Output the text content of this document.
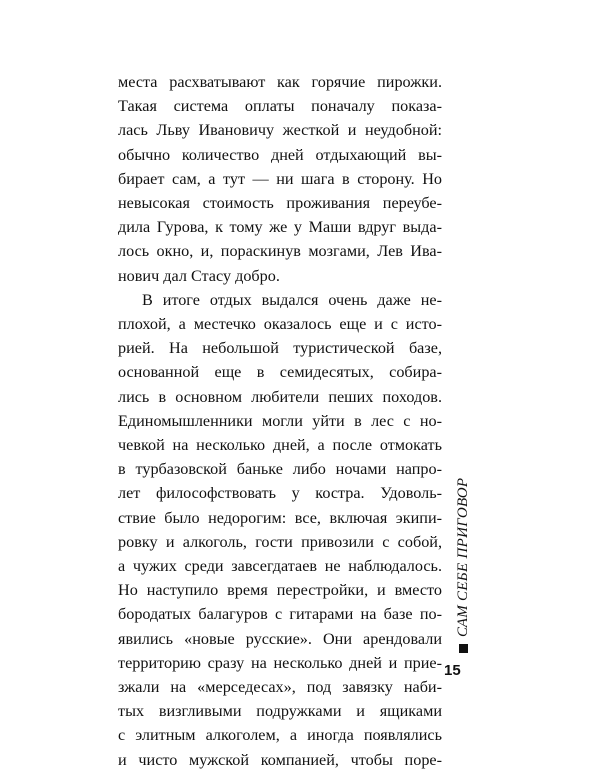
места расхватывают как горячие пирожки.
Такая система оплаты поначалу показа-
лась Льву Ивановичу жесткой и неудобной:
обычно количество дней отдыхающий вы-
бирает сам, а тут — ни шага в сторону. Но
невысокая стоимость проживания переубе-
дила Гурова, к тому же у Маши вдруг выда-
лось окно, и, пораскинув мозгами, Лев Ива-
нович дал Стасу добро.

В итоге отдых выдался очень даже не-
плохой, а местечко оказалось еще и с исто-
рией. На небольшой туристической базе,
основанной еще в семидесятых, собира-
лись в основном любители пеших походов.
Единомышленники могли уйти в лес с но-
чевкой на несколько дней, а после отмокать
в турбазовской баньке либо ночами напро-
лет философствовать у костра. Удоволь-
ствие было недорогим: все, включая экипи-
ровку и алкоголь, гости привозили с собой,
а чужих среди завсегдатаев не наблюдалось.
Но наступило время перестройки, и вместо
бородатых балагуров с гитарами на базе по-
явились «новые русские». Они арендовали
территорию сразу на несколько дней и прие-
зжали на «мерседесах», под завязку наби-
тых визгливыми подружками и ящиками
с элитным алкоголем, а иногда появлялись
и чисто мужской компанией, чтобы поре-

САМ СЕБЕ ПРИГОВОР
15
